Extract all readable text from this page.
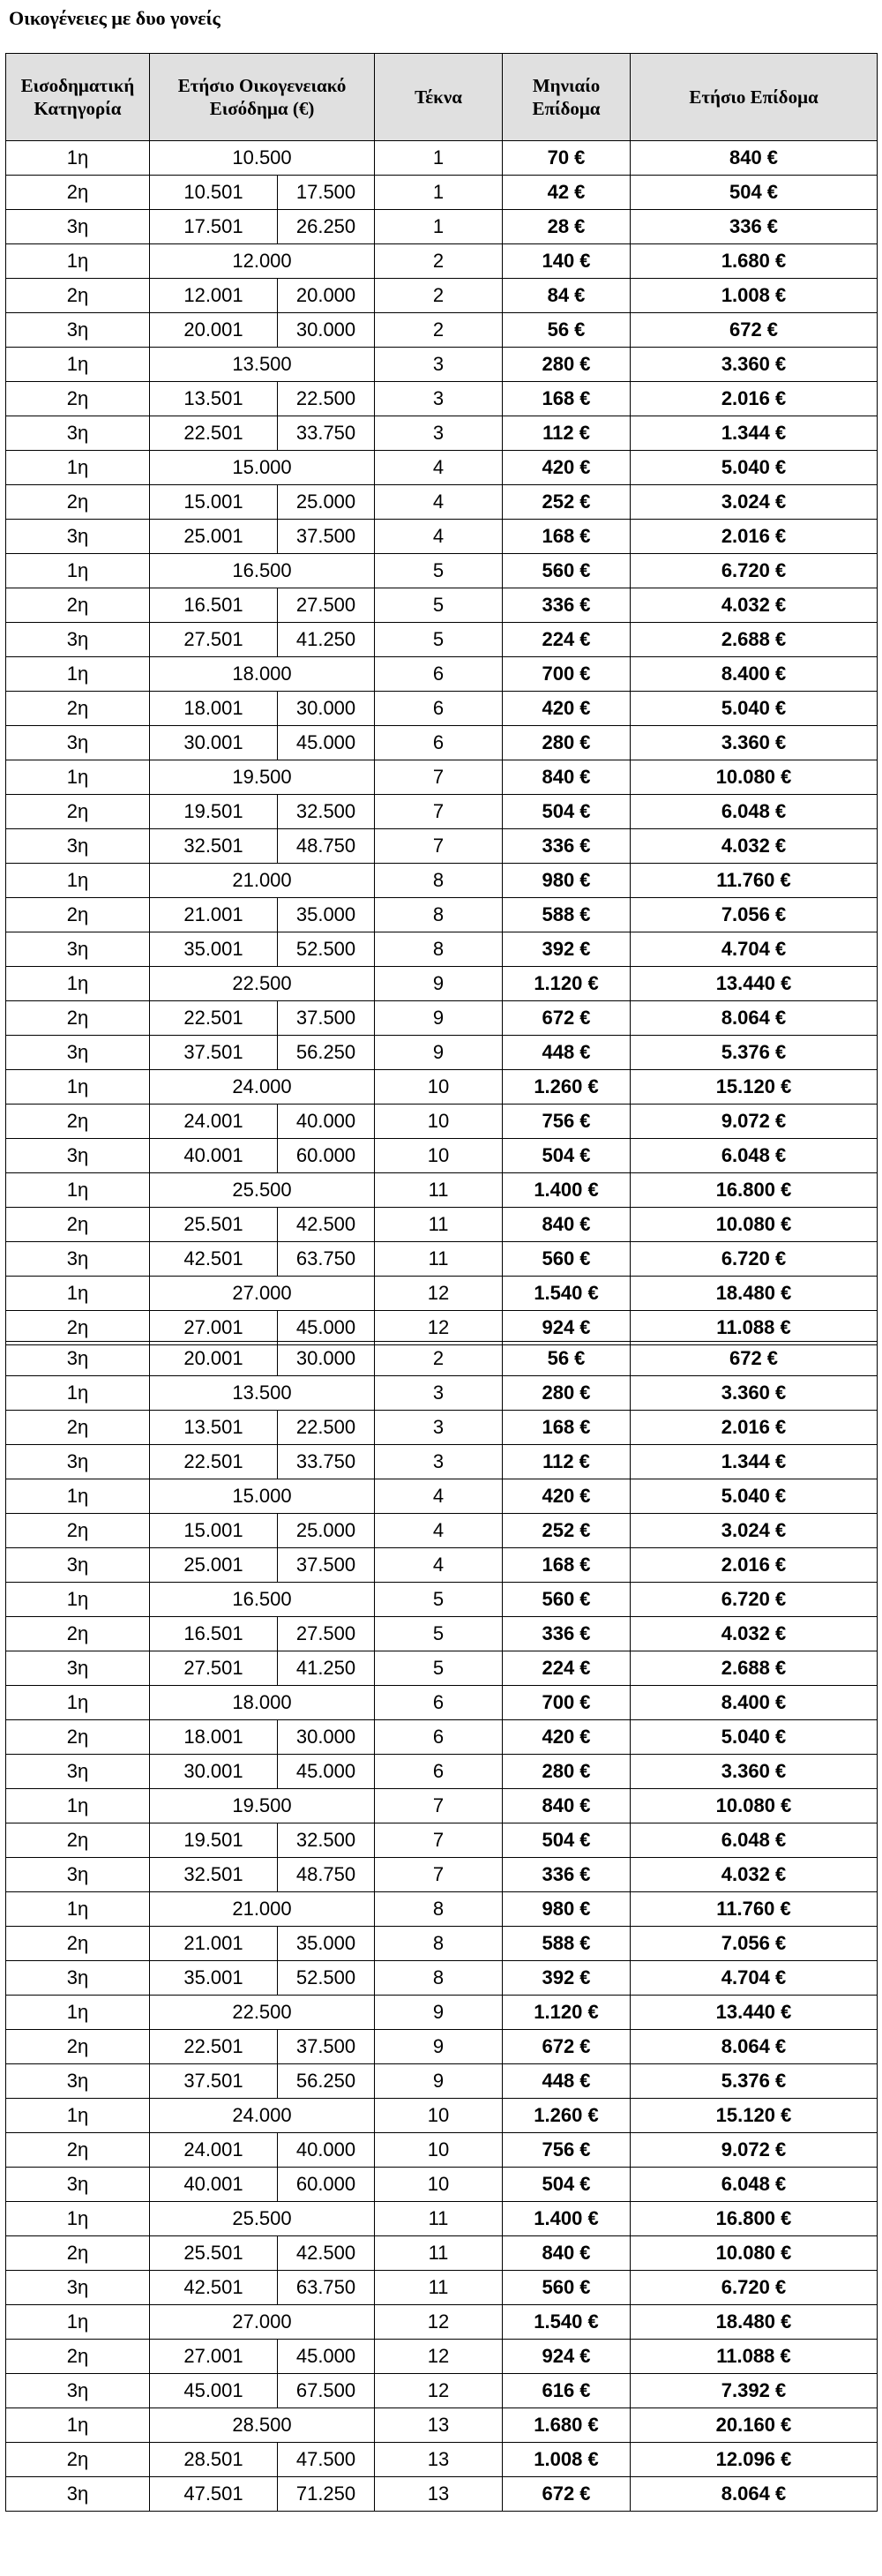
Οικογένειες με δυο γονείς
Εισοδηματική Κατηγορία	Ετήσιο Οικογενειακό Εισόδημα (€)		Τέκνα	Μηνιαίο Επίδομα	Ετήσιο Επίδομα
1η	10.500		1	70 €	840 €
2η	10.501	17.500	1	42 €	504 €
3η	17.501	26.250	1	28 €	336 €
1η	12.000		2	140 €	1.680 €
2η	12.001	20.000	2	84 €	1.008 €
3η	20.001	30.000	2	56 €	672 €
1η	13.500		3	280 €	3.360 €
2η	13.501	22.500	3	168 €	2.016 €
3η	22.501	33.750	3	112 €	1.344 €
1η	15.000		4	420 €	5.040 €
2η	15.001	25.000	4	252 €	3.024 €
3η	25.001	37.500	4	168 €	2.016 €
1η	16.500		5	560 €	6.720 €
2η	16.501	27.500	5	336 €	4.032 €
3η	27.501	41.250	5	224 €	2.688 €
1η	18.000		6	700 €	8.400 €
2η	18.001	30.000	6	420 €	5.040 €
3η	30.001	45.000	6	280 €	3.360 €
1η	19.500		7	840 €	10.080 €
2η	19.501	32.500	7	504 €	6.048 €
3η	32.501	48.750	7	336 €	4.032 €
1η	21.000		8	980 €	11.760 €
2η	21.001	35.000	8	588 €	7.056 €
3η	35.001	52.500	8	392 €	4.704 €
1η	22.500		9	1.120 €	13.440 €
2η	22.501	37.500	9	672 €	8.064 €
3η	37.501	56.250	9	448 €	5.376 €
1η	24.000		10	1.260 €	15.120 €
2η	24.001	40.000	10	756 €	9.072 €
3η	40.001	60.000	10	504 €	6.048 €
1η	25.500		11	1.400 €	16.800 €
2η	25.501	42.500	11	840 €	10.080 €
3η	42.501	63.750	11	560 €	6.720 €
1η	27.000		12	1.540 €	18.480 €
2η	27.001	45.000	12	924 €	11.088 €
3η	20.001	30.000	2	56 €	672 €
1η	13.500		3	280 €	3.360 €
2η	13.501	22.500	3	168 €	2.016 €
3η	22.501	33.750	3	112 €	1.344 €
1η	15.000		4	420 €	5.040 €
2η	15.001	25.000	4	252 €	3.024 €
3η	25.001	37.500	4	168 €	2.016 €
1η	16.500		5	560 €	6.720 €
2η	16.501	27.500	5	336 €	4.032 €
3η	27.501	41.250	5	224 €	2.688 €
1η	18.000		6	700 €	8.400 €
2η	18.001	30.000	6	420 €	5.040 €
3η	30.001	45.000	6	280 €	3.360 €
1η	19.500		7	840 €	10.080 €
2η	19.501	32.500	7	504 €	6.048 €
3η	32.501	48.750	7	336 €	4.032 €
1η	21.000		8	980 €	11.760 €
2η	21.001	35.000	8	588 €	7.056 €
3η	35.001	52.500	8	392 €	4.704 €
1η	22.500		9	1.120 €	13.440 €
2η	22.501	37.500	9	672 €	8.064 €
3η	37.501	56.250	9	448 €	5.376 €
1η	24.000		10	1.260 €	15.120 €
2η	24.001	40.000	10	756 €	9.072 €
3η	40.001	60.000	10	504 €	6.048 €
1η	25.500		11	1.400 €	16.800 €
2η	25.501	42.500	11	840 €	10.080 €
3η	42.501	63.750	11	560 €	6.720 €
1η	27.000		12	1.540 €	18.480 €
2η	27.001	45.000	12	924 €	11.088 €
3η	45.001	67.500	12	616 €	7.392 €
1η	28.500		13	1.680 €	20.160 €
2η	28.501	47.500	13	1.008 €	12.096 €
3η	47.501	71.250	13	672 €	8.064 €
